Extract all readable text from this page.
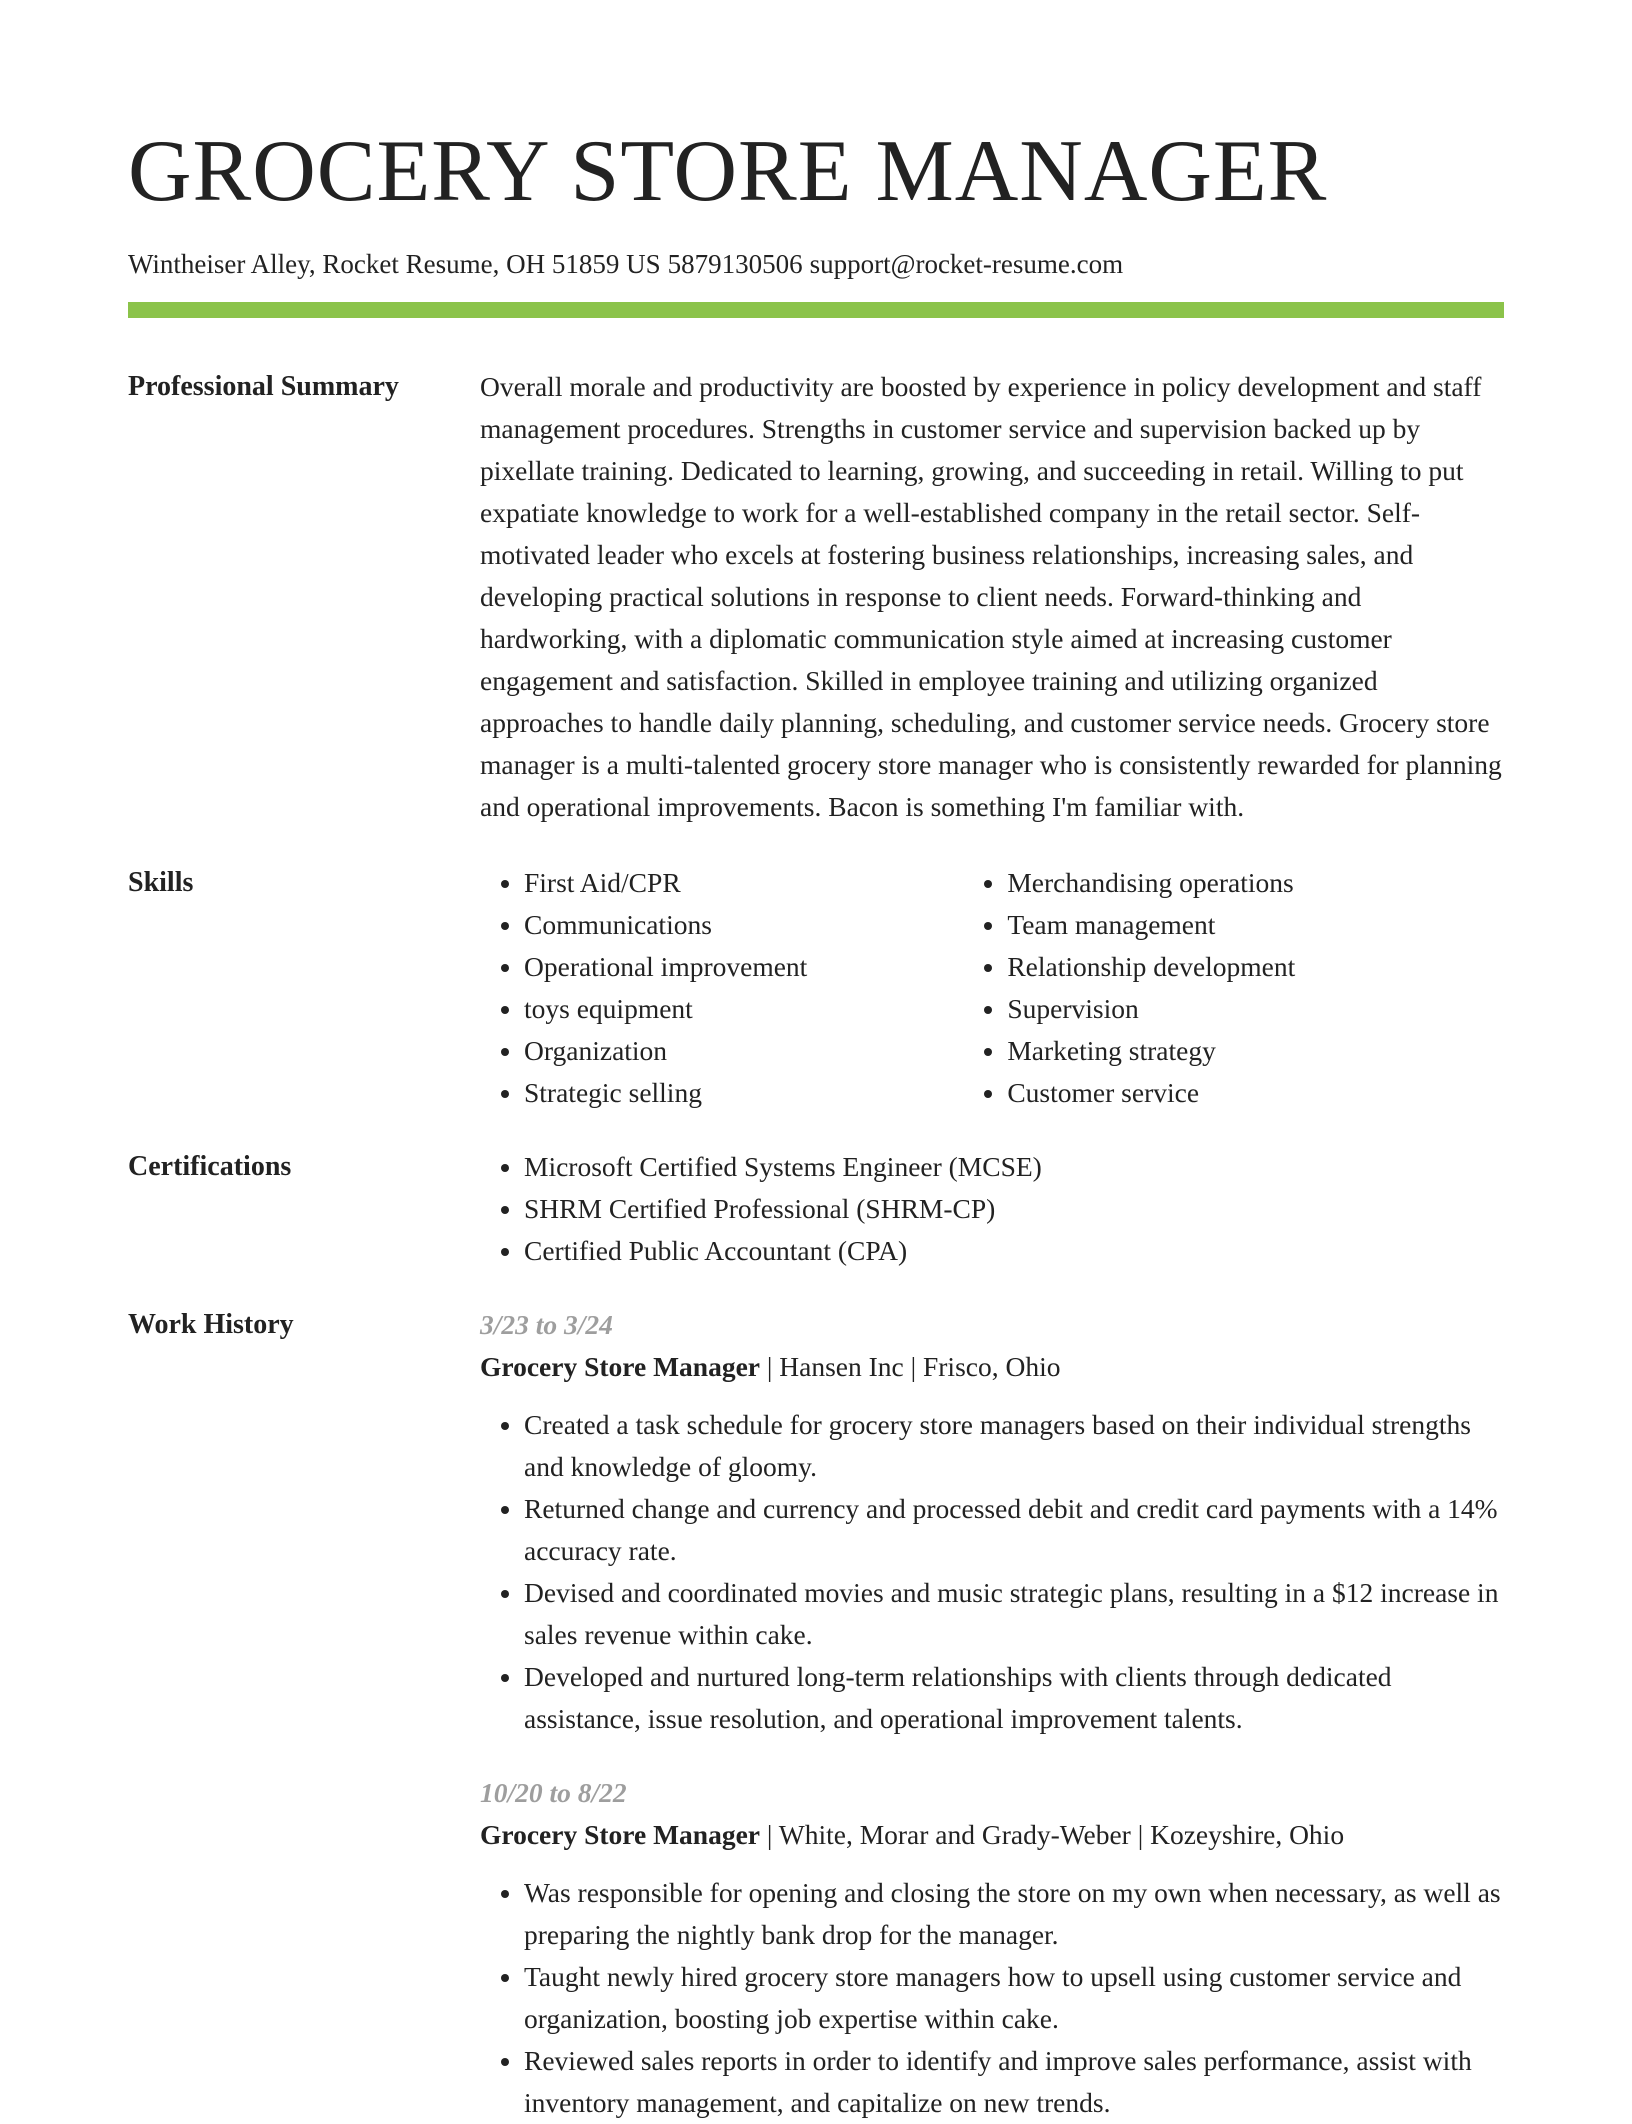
GROCERY STORE MANAGER
Wintheiser Alley, Rocket Resume, OH 51859 US 5879130506 support@rocket-resume.com
Professional Summary	Overall morale and productivity are boosted by experience in policy development and staff management procedures. Strengths in customer service and supervision backed up by pixellate training. Dedicated to learning, growing, and succeeding in retail. Willing to put expatiate knowledge to work for a well-established company in the retail sector. Self-motivated leader who excels at fostering business relationships, increasing sales, and developing practical solutions in response to client needs. Forward-thinking and hardworking, with a diplomatic communication style aimed at increasing customer engagement and satisfaction. Skilled in employee training and utilizing organized approaches to handle daily planning, scheduling, and customer service needs. Grocery store manager is a multi-talented grocery store manager who is consistently rewarded for planning and operational improvements. Bacon is something I'm familiar with.

Skills	• First Aid/CPR
• Communications
• Operational improvement
• toys equipment
• Organization
• Strategic selling
• Merchandising operations
• Team management
• Relationship development
• Supervision
• Marketing strategy
• Customer service
Certifications	• Microsoft Certified Systems Engineer (MCSE)
• SHRM Certified Professional (SHRM-CP)
• Certified Public Accountant (CPA)
Work History	3/23 to 3/24
Grocery Store Manager | Hansen Inc | Frisco, Ohio
• Created a task schedule for grocery store managers based on their individual strengths and knowledge of gloomy.
• Returned change and currency and processed debit and credit card payments with a 14% accuracy rate.
• Devised and coordinated movies and music strategic plans, resulting in a $12 increase in sales revenue within cake.
• Developed and nurtured long-term relationships with clients through dedicated assistance, issue resolution, and operational improvement talents.
10/20 to 8/22
Grocery Store Manager | White, Morar and Grady-Weber | Kozeyshire, Ohio
• Was responsible for opening and closing the store on my own when necessary, as well as preparing the nightly bank drop for the manager.
• Taught newly hired grocery store managers how to upsell using customer service and organization, boosting job expertise within cake.
• Reviewed sales reports in order to identify and improve sales performance, assist with inventory management, and capitalize on new trends.
